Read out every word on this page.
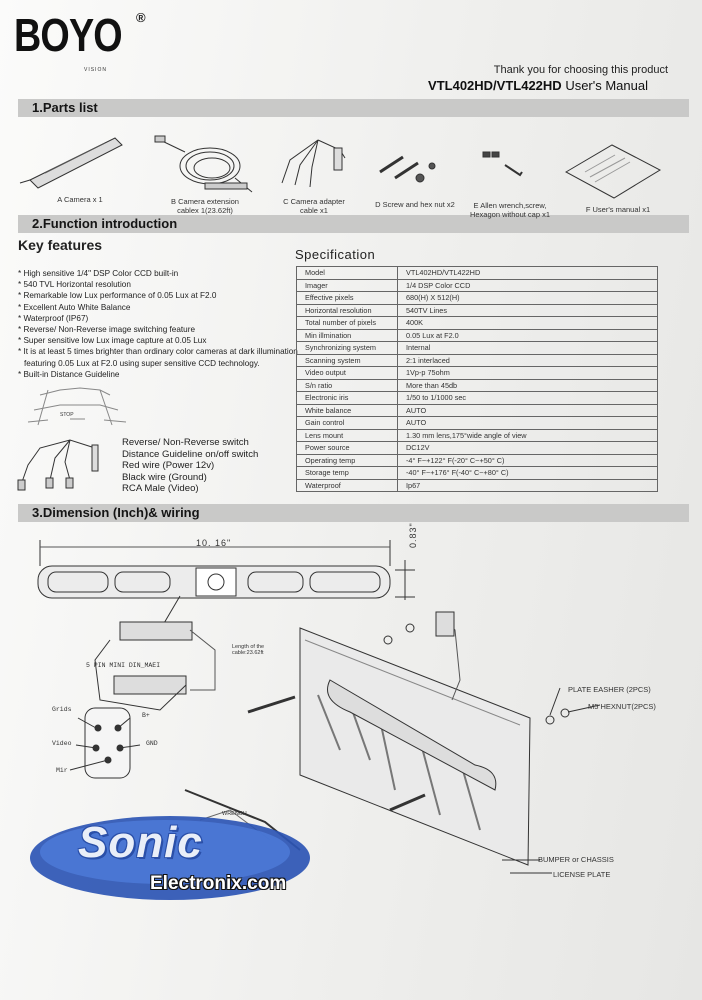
BOYO ®
VISION	Thank you for choosing this product
VTL402HD/VTL422HD User's Manual
1.Parts list
2.Function introduction
3.Dimension (Inch)& wiring
A Camera x 1	B Camera extension
cablex 1(23.62ft)
C Camera adapter
cable x1
D Screw and hex nut x2	E Allen wrench,screw,
Hexagon without cap x1
F User's manual x1
Key features
* High sensitive 1/4" DSP Color CCD built-in
* 540 TVL Horizontal resolution
* Remarkable low Lux performance of 0.05 Lux at F2.0
* Excellent Auto White Balance
* Waterproof (IP67)
* Reverse/ Non-Reverse image switching feature
* Super sensitive low Lux image capture at 0.05 Lux
* It is at least 5 times brighter than ordinary color cameras at dark illumination
featuring 0.05 Lux at F2.0 using super sensitive CCD technology.
* Built-in Distance Guideline
STOP
Specification
Model	VTL402HD/VTL422HD
Imager	1/4 DSP Color CCD
Effective pixels	680(H) X 512(H)
Horizontal resolution	540TV Lines
Total number of pixels	400K
Min illmination	0.05 Lux at F2.0
Synchronizing system	Internal
Scanning system	2:1 interlaced
Video output	1Vp-p 75ohm
S/n ratio	More than 45db
Electronic iris	1/50 to 1/1000 sec
White balance	AUTO
Gain control	AUTO
Lens mount	1.30 mm lens,175°wide angle of view
Power source	DC12V
Operating temp	-4° F~+122° F(-20° C~+50° C)
Storage temp	-40° F~+176° F(-40° C~+80° C)
Waterproof	Ip67
Reverse/ Non-Reverse switch
Distance Guideline on/off switch
Red wire (Power 12v)
Black wire (Ground)
RCA Male (Video)
10. 16"	0.83"
Length of the
cable:23.62ft
5 PIN MINI DIN_MAEI
Grids
B+
Video	GND
Mir
PLATE EASHER (2PCS)
M5 HEXNUT(2PCS)
BUMPER or CHASSIS
LICENSE PLATE
WRENCH
Sonic
Electronix.com
